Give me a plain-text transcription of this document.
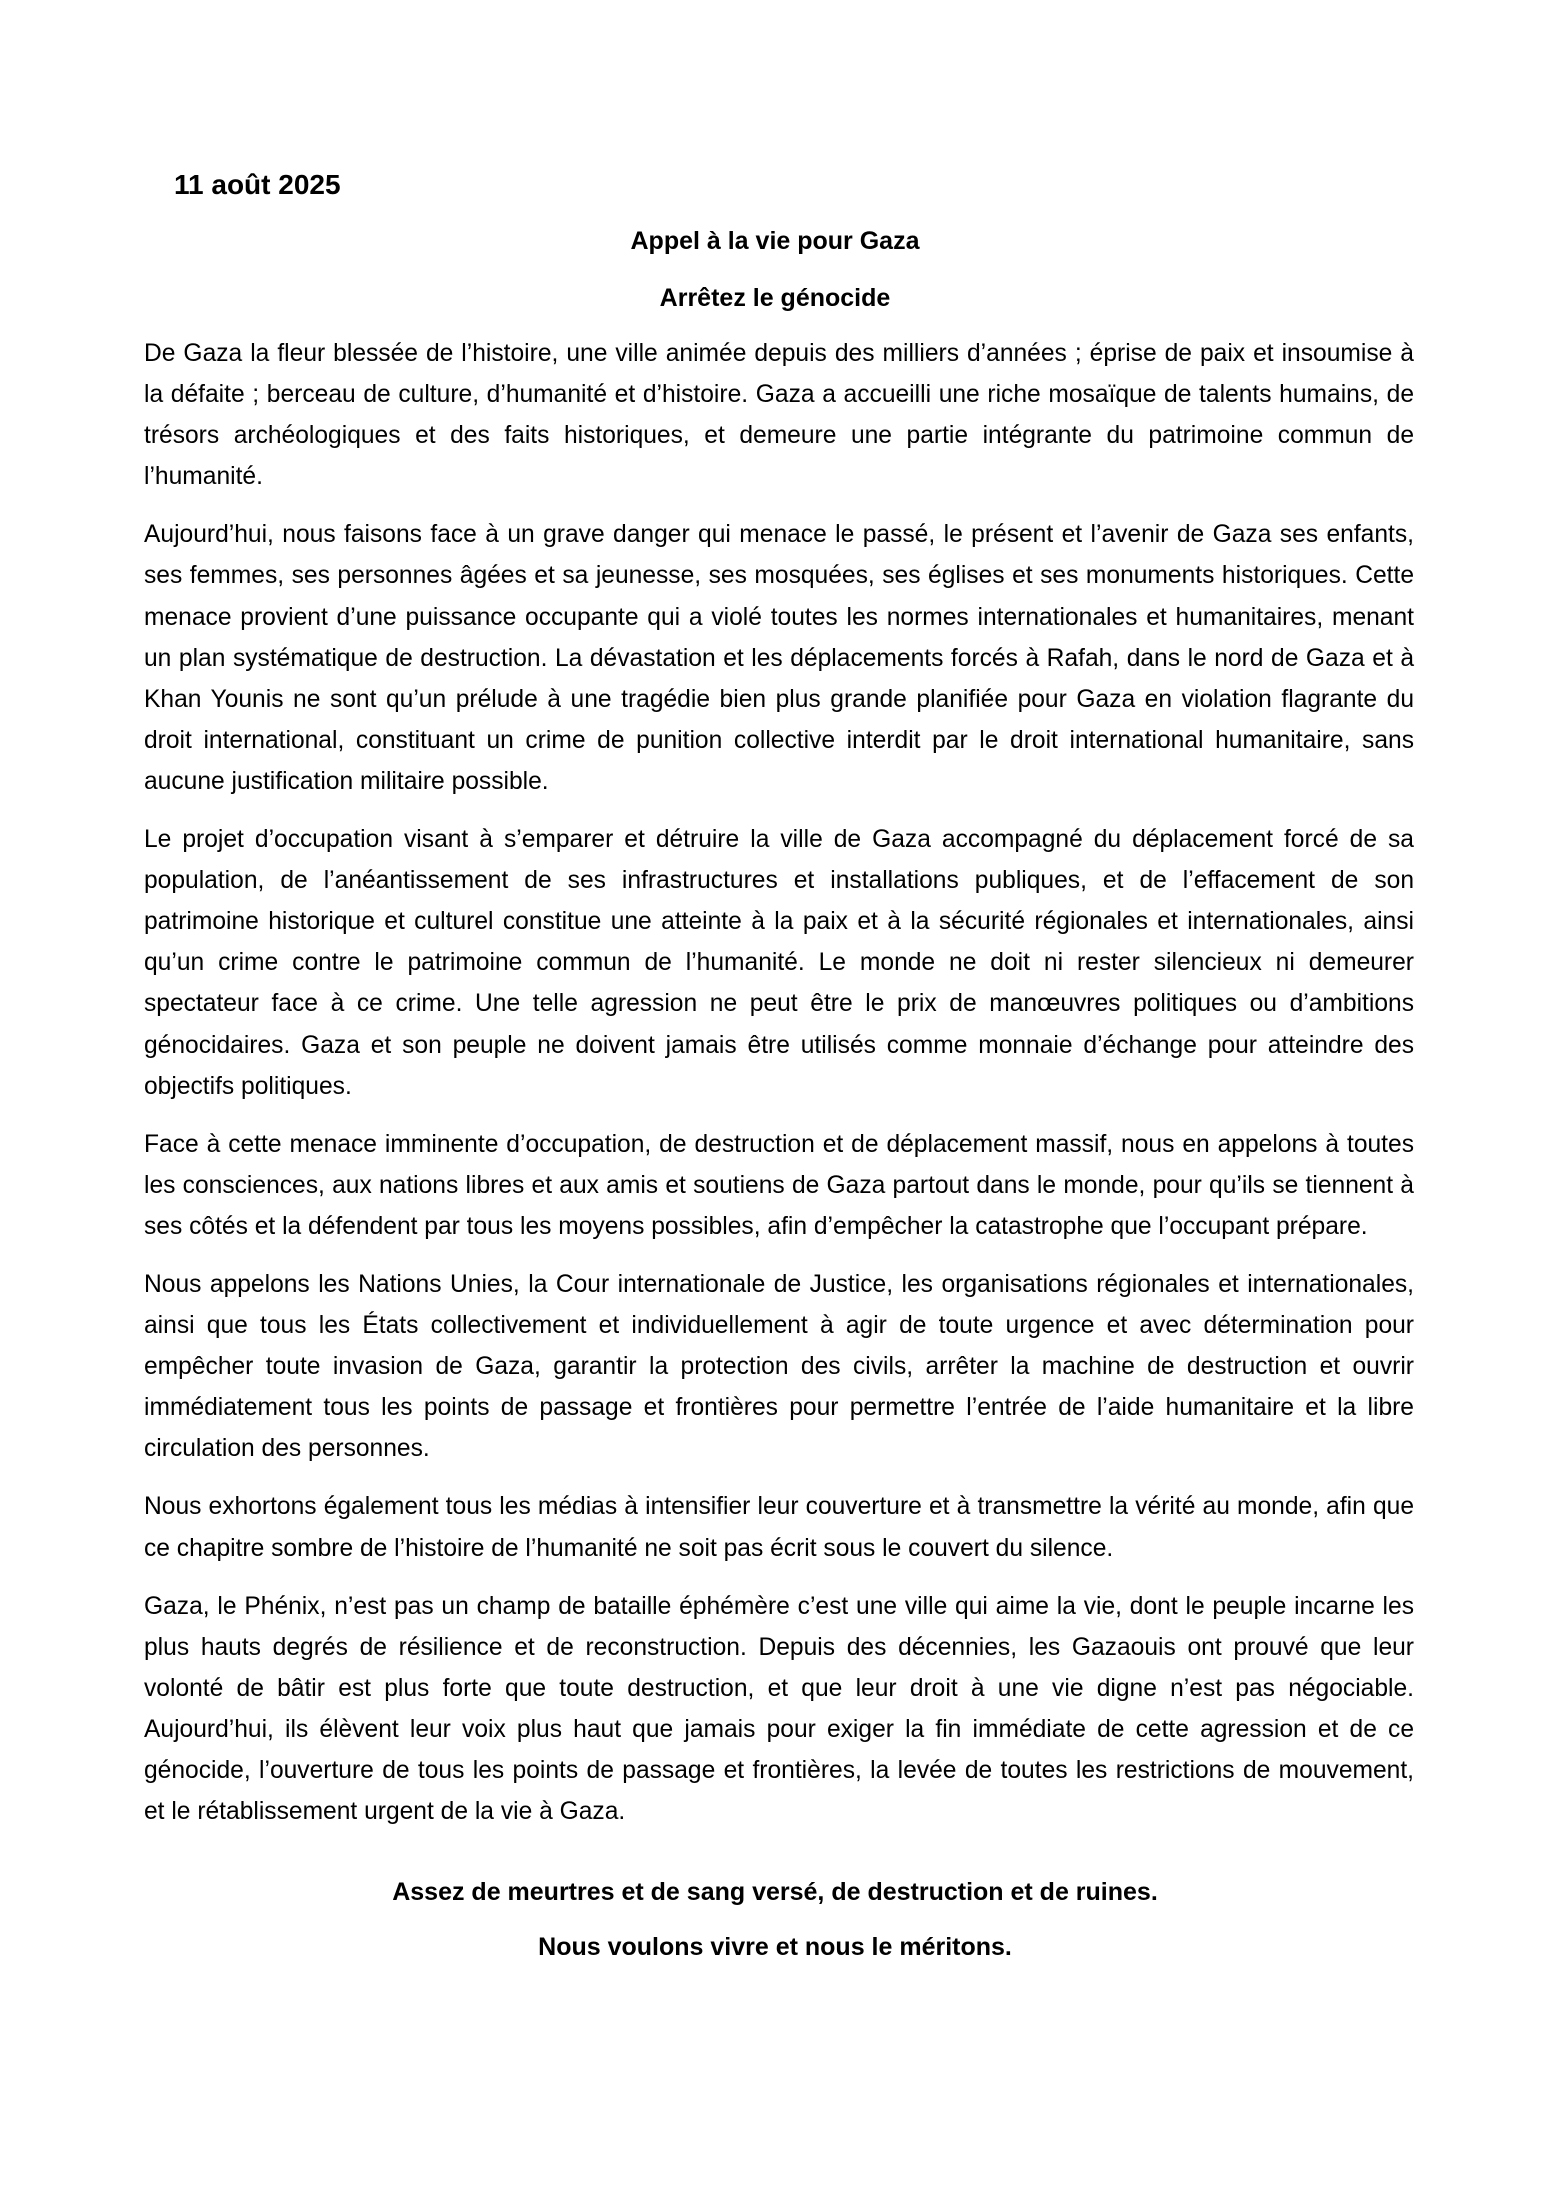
11 août 2025

Appel à la vie pour Gaza

Arrêtez le génocide

De Gaza la fleur blessée de l’histoire, une ville animée depuis des milliers d’années ; éprise de paix et insoumise à la défaite ; berceau de culture, d’humanité et d’histoire. Gaza a accueilli une riche mosaïque de talents humains, de trésors archéologiques et des faits historiques, et demeure une partie intégrante du patrimoine commun de l’humanité.

Aujourd’hui, nous faisons face à un grave danger qui menace le passé, le présent et l’avenir de Gaza ses enfants, ses femmes, ses personnes âgées et sa jeunesse, ses mosquées, ses églises et ses monuments historiques. Cette menace provient d’une puissance occupante qui a violé toutes les normes internationales et humanitaires, menant un plan systématique de destruction. La dévastation et les déplacements forcés à Rafah, dans le nord de Gaza et à Khan Younis ne sont qu’un prélude à une tragédie bien plus grande planifiée pour Gaza en violation flagrante du droit international, constituant un crime de punition collective interdit par le droit international humanitaire, sans aucune justification militaire possible.

Le projet d’occupation visant à s’emparer et détruire la ville de Gaza accompagné du déplacement forcé de sa population, de l’anéantissement de ses infrastructures et installations publiques, et de l’effacement de son patrimoine historique et culturel constitue une atteinte à la paix et à la sécurité régionales et internationales, ainsi qu’un crime contre le patrimoine commun de l’humanité. Le monde ne doit ni rester silencieux ni demeurer spectateur face à ce crime. Une telle agression ne peut être le prix de manœuvres politiques ou d’ambitions génocidaires. Gaza et son peuple ne doivent jamais être utilisés comme monnaie d’échange pour atteindre des objectifs politiques.

Face à cette menace imminente d’occupation, de destruction et de déplacement massif, nous en appelons à toutes les consciences, aux nations libres et aux amis et soutiens de Gaza partout dans le monde, pour qu’ils se tiennent à ses côtés et la défendent par tous les moyens possibles, afin d’empêcher la catastrophe que l’occupant prépare.

Nous appelons les Nations Unies, la Cour internationale de Justice, les organisations régionales et internationales, ainsi que tous les États collectivement et individuellement à agir de toute urgence et avec détermination pour empêcher toute invasion de Gaza, garantir la protection des civils, arrêter la machine de destruction et ouvrir immédiatement tous les points de passage et frontières pour permettre l’entrée de l’aide humanitaire et la libre circulation des personnes.

Nous exhortons également tous les médias à intensifier leur couverture et à transmettre la vérité au monde, afin que ce chapitre sombre de l’histoire de l’humanité ne soit pas écrit sous le couvert du silence.

Gaza, le Phénix, n’est pas un champ de bataille éphémère c’est une ville qui aime la vie, dont le peuple incarne les plus hauts degrés de résilience et de reconstruction. Depuis des décennies, les Gazaouis ont prouvé que leur volonté de bâtir est plus forte que toute destruction, et que leur droit à une vie digne n’est pas négociable. Aujourd’hui, ils élèvent leur voix plus haut que jamais pour exiger la fin immédiate de cette agression et de ce génocide, l’ouverture de tous les points de passage et frontières, la levée de toutes les restrictions de mouvement, et le rétablissement urgent de la vie à Gaza.

Assez de meurtres et de sang versé, de destruction et de ruines.

Nous voulons vivre et nous le méritons.
